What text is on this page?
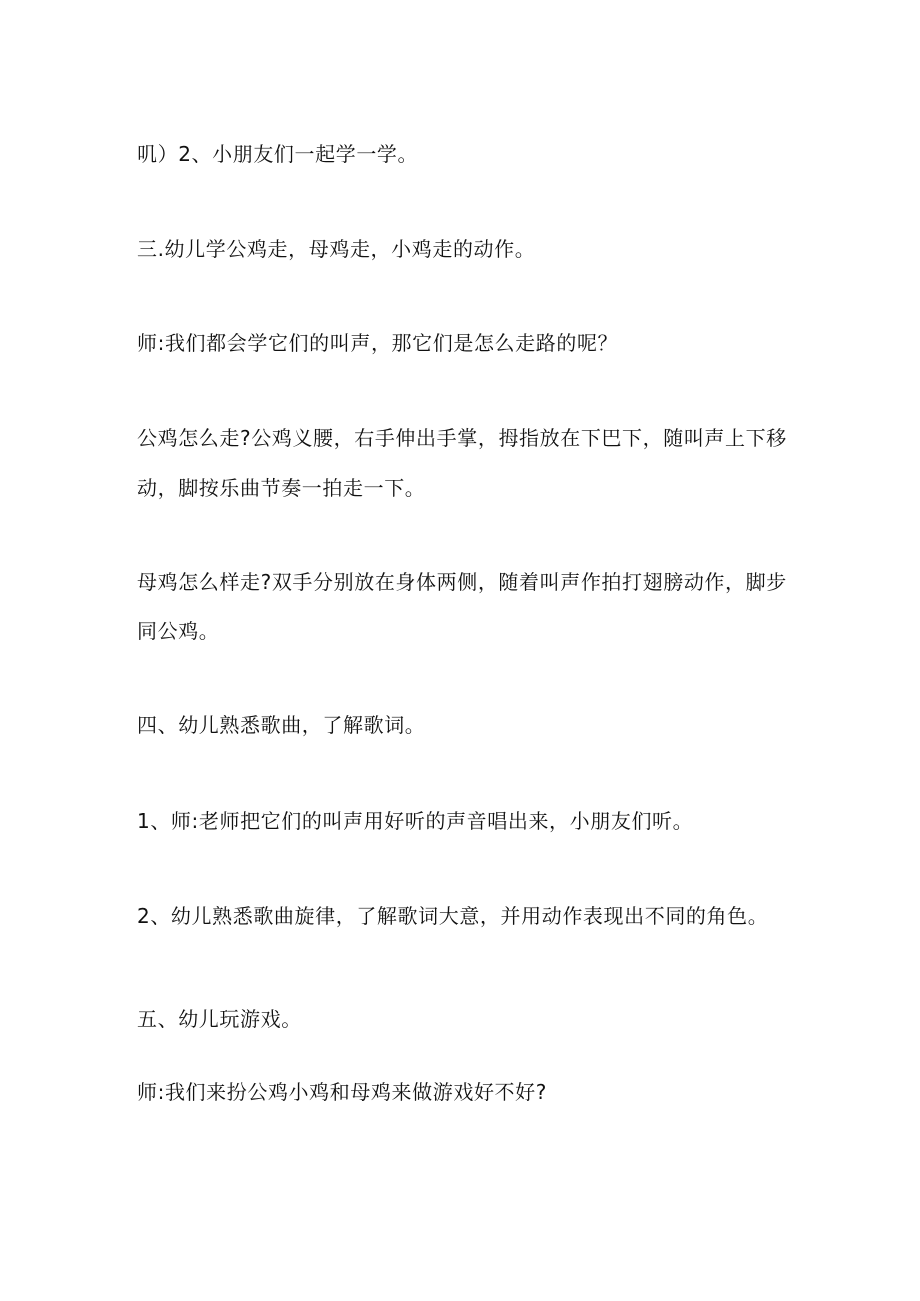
叽）2、小朋友们一起学一学。
三.幼儿学公鸡走，母鸡走，小鸡走的动作。
师:我们都会学它们的叫声，那它们是怎么走路的呢？
公鸡怎么走?公鸡义腰，右手伸出手掌，拇指放在下巴下，随叫声上下移
动，脚按乐曲节奏一拍走一下。
母鸡怎么样走?双手分别放在身体两侧，随着叫声作拍打翅膀动作，脚步
同公鸡。
四、幼儿熟悉歌曲，了解歌词。
1、师:老师把它们的叫声用好听的声音唱出来，小朋友们听。
2、幼儿熟悉歌曲旋律，了解歌词大意，并用动作表现出不同的角色。
五、幼儿玩游戏。
师:我们来扮公鸡小鸡和母鸡来做游戏好不好?
